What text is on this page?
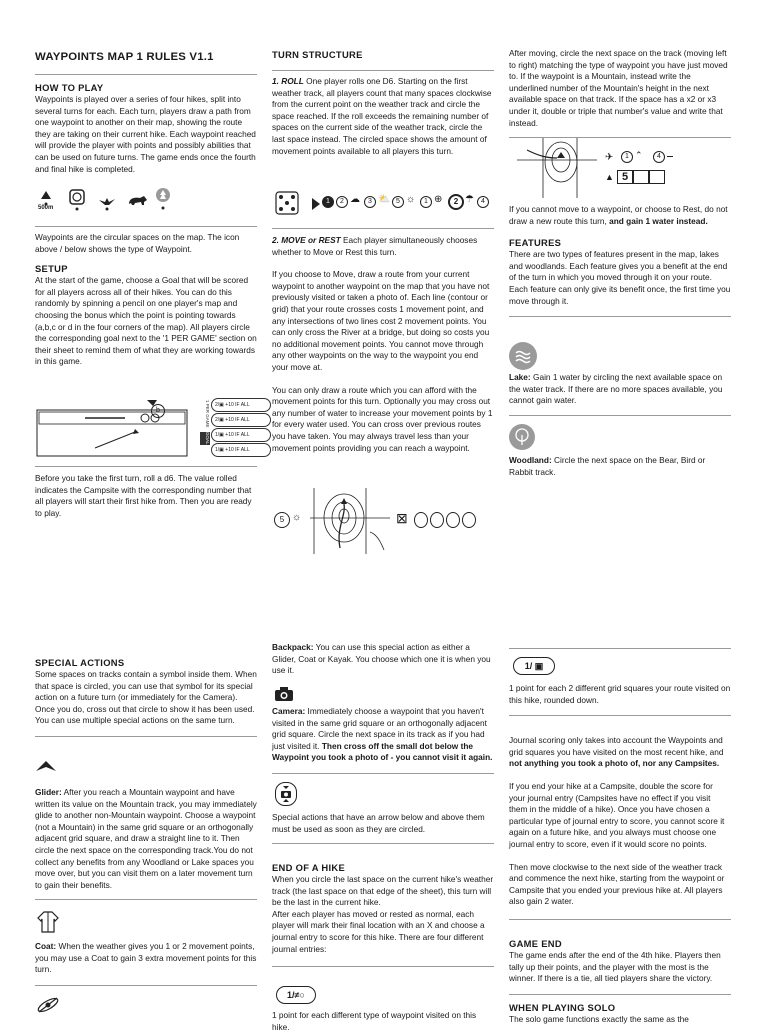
WAYPOINTS MAP 1 RULES V1.1
HOW TO PLAY

Waypoints is played over a series of four hikes, split into several turns for each. Each turn, players draw a path from one waypoint to another on their map, showing the route they are taking on their current hike. Each waypoint reached will provide the player with points and possibly abilities that can be used on future turns. The game ends once the fourth and final hike is completed.

500m

Waypoints are the circular spaces on the map. The icon above / below shows the type of Waypoint.

SETUP

At the start of the game, choose a Goal that will be scored for all players across all of their hikes. You can do this randomly by spinning a pencil on one player's map and choosing the bonus which the point is pointing towards (a,b,c or d in the four corners of the map). All players circle the corresponding goal next to the '1 PER GAME' section on their sheet to remind them of what they are working towards in this game.

b	1 PER GAME
GOAL
2/▣ +10 IF ALL
2/▣ +10 IF ALL
1/▣ +10 IF ALL
1/▣ +10 IF ALL

Before you take the first turn, roll a d6. The value rolled indicates the Campsite with the corresponding number that all players will start their first hike from. Then you are ready to play.

TURN STRUCTURE

1. ROLL One player rolls one D6. Starting on the first weather track, all players count that many spaces clockwise from the current point on the weather track and circle the space reached. If the roll exceeds the remaining number of spaces on the current side of the weather track, circle the last space instead. The circled space shows the amount of movement points available to all players this turn.

1	2 ☁	3 ⛅ 5 ☼	1 ⊕	2 ☂	4

2. MOVE or REST Each player simultaneously chooses whether to Move or Rest this turn.

If you choose to Move, draw a route from your current waypoint to another waypoint on the map that you have not previously visited or taken a photo of. Each line (contour or grid) that your route crosses costs 1 movement point, and any intersections of two lines cost 2 movement points. You can only cross the River at a bridge, but doing so costs you no additional movement points. You cannot move through any other waypoints on the way to the waypoint you end your move at.

You can only draw a route which you can afford with the movement points for this turn. Optionally you may cross out any number of water to increase your movement points by 1 for every water used. You can cross over previous routes you have taken. You may always travel less than your movement points providing you can reach a waypoint.

5 ☼	⊠

After moving, circle the next space on the track (moving left to right) matching the type of waypoint you have just moved to. If the waypoint is a Mountain, instead write the underlined number of the Mountain's height in the next available space on that track. If the space has a x2 or x3 under it, double or triple that number's value and write that instead.

✈	1 ⌃	4
▲ 5

If you cannot move to a waypoint, or choose to Rest, do not draw a new route this turn, and gain 1 water instead.

FEATURES

There are two types of features present in the map, lakes and woodlands. Each feature gives you a benefit at the end of the turn in which you moved through it on your route. Each feature can only give its benefit once, the first time you move through it.

Lake: Gain 1 water by circling the next available space on the water track. If there are no more spaces available, you cannot gain water.

Woodland: Circle the next space on the Bear, Bird or Rabbit track.

SPECIAL ACTIONS

Some spaces on tracks contain a symbol inside them. When that space is circled, you can use that symbol for its special action on a future turn (or immediately for the Camera). Once you do, cross out that circle to show it has been used. You can use multiple special actions on the same turn.

Glider: After you reach a Mountain waypoint and have written its value on the Mountain track, you may immediately glide to another non-Mountain waypoint. Choose a waypoint (not a Mountain) in the same grid square or an orthogonally adjacent grid square, and draw a straight line to it. Then circle the next space on the corresponding track.You do not collect any benefits from any Woodland or Lake spaces you move over, but you can visit them on a later movement turn to gain their benefits.

Coat: When the weather gives you 1 or 2 movement points, you may use a Coat to gain 3 extra movement points for this turn.

Backpack: You can use this special action as either a Glider, Coat or Kayak. You choose which one it is when you use it.

Camera: Immediately choose a waypoint that you haven't visited in the same grid square or an orthogonally adjacent grid square. Circle the next space in its track as if you had just visited it. Then cross off the small dot below the Waypoint you took a photo of - you cannot visit it again.

Special actions that have an arrow below and above them must be used as soon as they are circled.

END OF A HIKE

When you circle the last space on the current hike's weather track (the last space on that edge of the sheet), this turn will be the last in the current hike.

After each player has moved or rested as normal, each player will mark their final location with an X and choose a journal entry to score for this hike. There are four different journal entries:

1/≠○
1 point for each different type of waypoint visited on this hike.
1/ ▣

1 point for each 2 different grid squares your route visited on this hike, rounded down.

Journal scoring only takes into account the Waypoints and grid squares you have visited on the most recent hike, and not anything you took a photo of, nor any Campsites.

If you end your hike at a Campsite, double the score for your journal entry (Campsites have no effect if you visit them in the middle of a hike). Once you have chosen a particular type of journal entry to score, you cannot score it again on a future hike, and you always must choose one journal entry to score, even if it would score no points.

Then move clockwise to the next side of the weather track and commence the next hike, starting from the waypoint or Campsite that you ended your previous hike at. All players also gain 2 water.

GAME END

The game ends after the end of the 4th hike. Players then tally up their points, and the player with the most is the winner. If there is a tie, all tied players share the victory.

WHEN PLAYING SOLO

The solo game functions exactly the same as the
